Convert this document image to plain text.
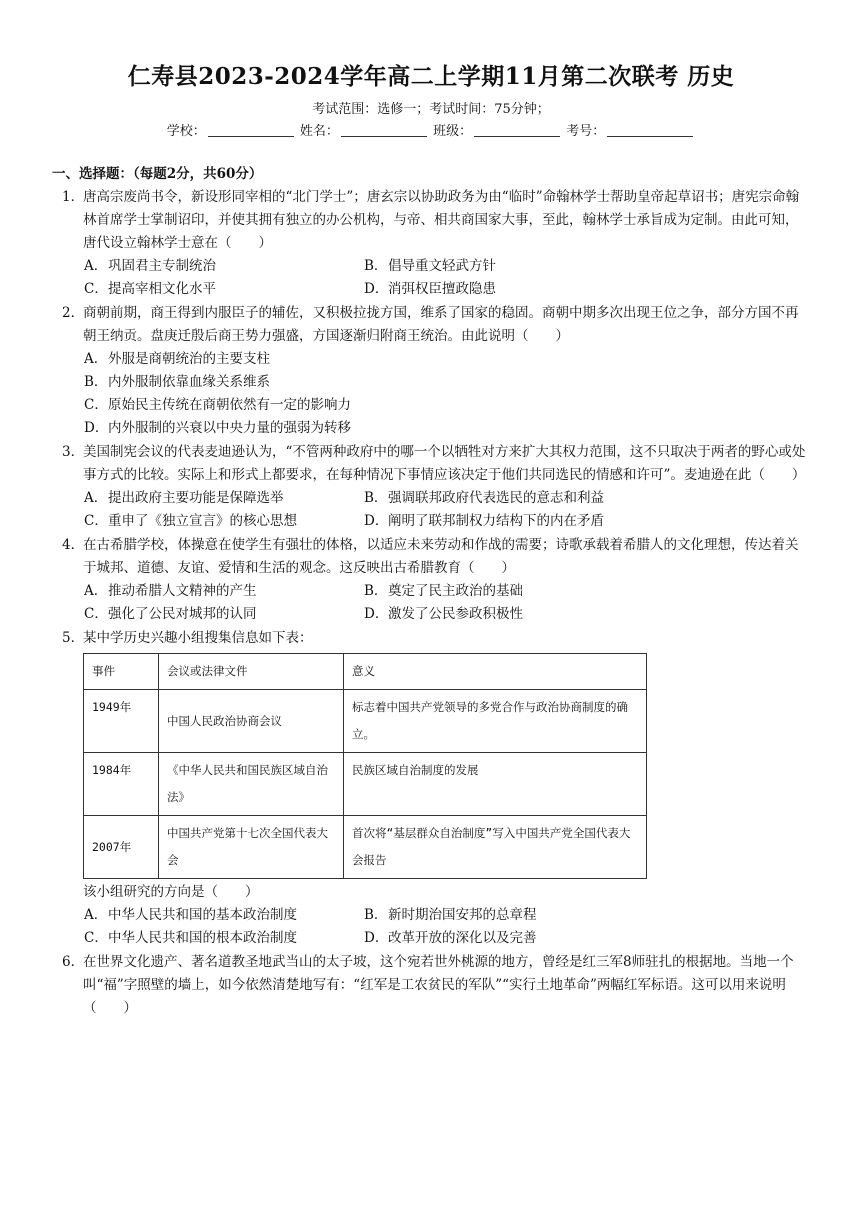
仁寿县2023-2024学年高二上学期11月第二次联考 历史
考试范围：选修一；考试时间：75分钟；
学校：	姓名：	班级：	考号：
一、选择题：（每题2分，共60分）
1．唐高宗废尚书令，新设形同宰相的“北门学士”；唐玄宗以协助政务为由“临时”命翰林学士帮助皇帝起草诏书；唐宪宗命翰林首席学士掌制诏印，并使其拥有独立的办公机构，与帝、相共商国家大事，至此，翰林学士承旨成为定制。由此可知，唐代设立翰林学士意在（　　）
A． 巩固君主专制统治	B． 倡导重文轻武方针
C． 提高宰相文化水平	D． 消弭权臣擅政隐患
2．商朝前期，商王得到内服臣子的辅佐，又积极拉拢方国，维系了国家的稳固。商朝中期多次出现王位之争，部分方国不再朝王纳贡。盘庚迁殷后商王势力强盛，方国逐渐归附商王统治。由此说明（　　）
A． 外服是商朝统治的主要支柱
B． 内外服制依靠血缘关系维系
C． 原始民主传统在商朝依然有一定的影响力
D． 内外服制的兴衰以中央力量的强弱为转移
3．美国制宪会议的代表麦迪逊认为，“不管两种政府中的哪一个以牺牲对方来扩大其权力范围，这不只取决于两者的野心或处事方式的比较。实际上和形式上都要求，在每种情况下事情应该决定于他们共同选民的情感和许可”。麦迪逊在此（　　）
A． 提出政府主要功能是保障选举	B． 强调联邦政府代表选民的意志和利益
C． 重申了《独立宣言》的核心思想	D． 阐明了联邦制权力结构下的内在矛盾
4．在古希腊学校，体操意在使学生有强壮的体格，以适应未来劳动和作战的需要；诗歌承载着希腊人的文化理想，传达着关于城邦、道德、友谊、爱情和生活的观念。这反映出古希腊教育（　　）
A． 推动希腊人文精神的产生	B． 奠定了民主政治的基础
C． 强化了公民对城邦的认同	D． 激发了公民参政积极性
5．某中学历史兴趣小组搜集信息如下表：
事件	会议或法律文件	意义
1949年	中国人民政治协商会议	标志着中国共产党领导的多党合作与政治协商制度的确立。
1984年	《中华人民共和国民族区域自治法》	民族区域自治制度的发展
2007年	中国共产党第十七次全国代表大会	首次将“基层群众自治制度”写入中国共产党全国代表大会报告
该小组研究的方向是（　　）
A． 中华人民共和国的基本政治制度	B． 新时期治国安邦的总章程
C． 中华人民共和国的根本政治制度	D． 改革开放的深化以及完善
6．在世界文化遗产、著名道教圣地武当山的太子坡，这个宛若世外桃源的地方，曾经是红三军8师驻扎的根据地。当地一个叫“福”字照壁的墙上，如今依然清楚地写有：“红军是工农贫民的军队”“实行土地革命”两幅红军标语。这可以用来说明（　　）
